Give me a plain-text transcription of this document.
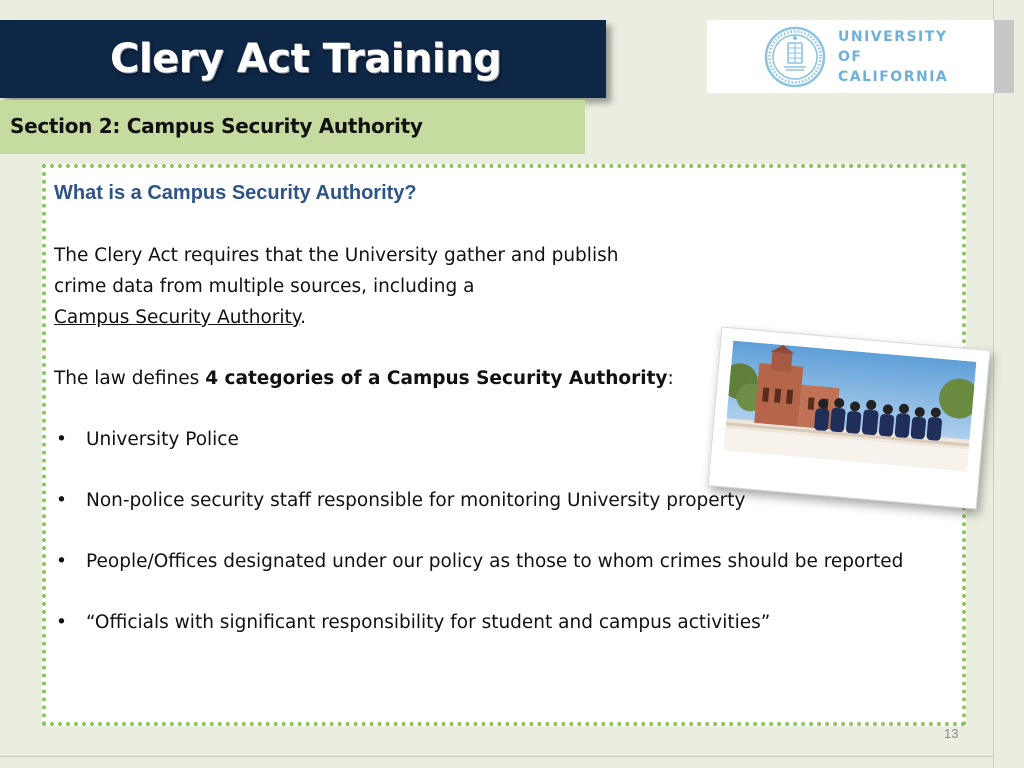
Clery Act Training
Section 2: Campus Security Authority
UNIVERSITY
OF
CALIFORNIA
What is a Campus Security Authority?

The Clery Act requires that the University gather and publish
crime data from multiple sources, including a
Campus Security Authority.

The law defines 4 categories of a Campus Security Authority:
• University Police
• Non-police security staff responsible for monitoring University property
• People/Offices designated under our policy as those to whom crimes should be reported
• “Officials with significant responsibility for student and campus activities”
13
